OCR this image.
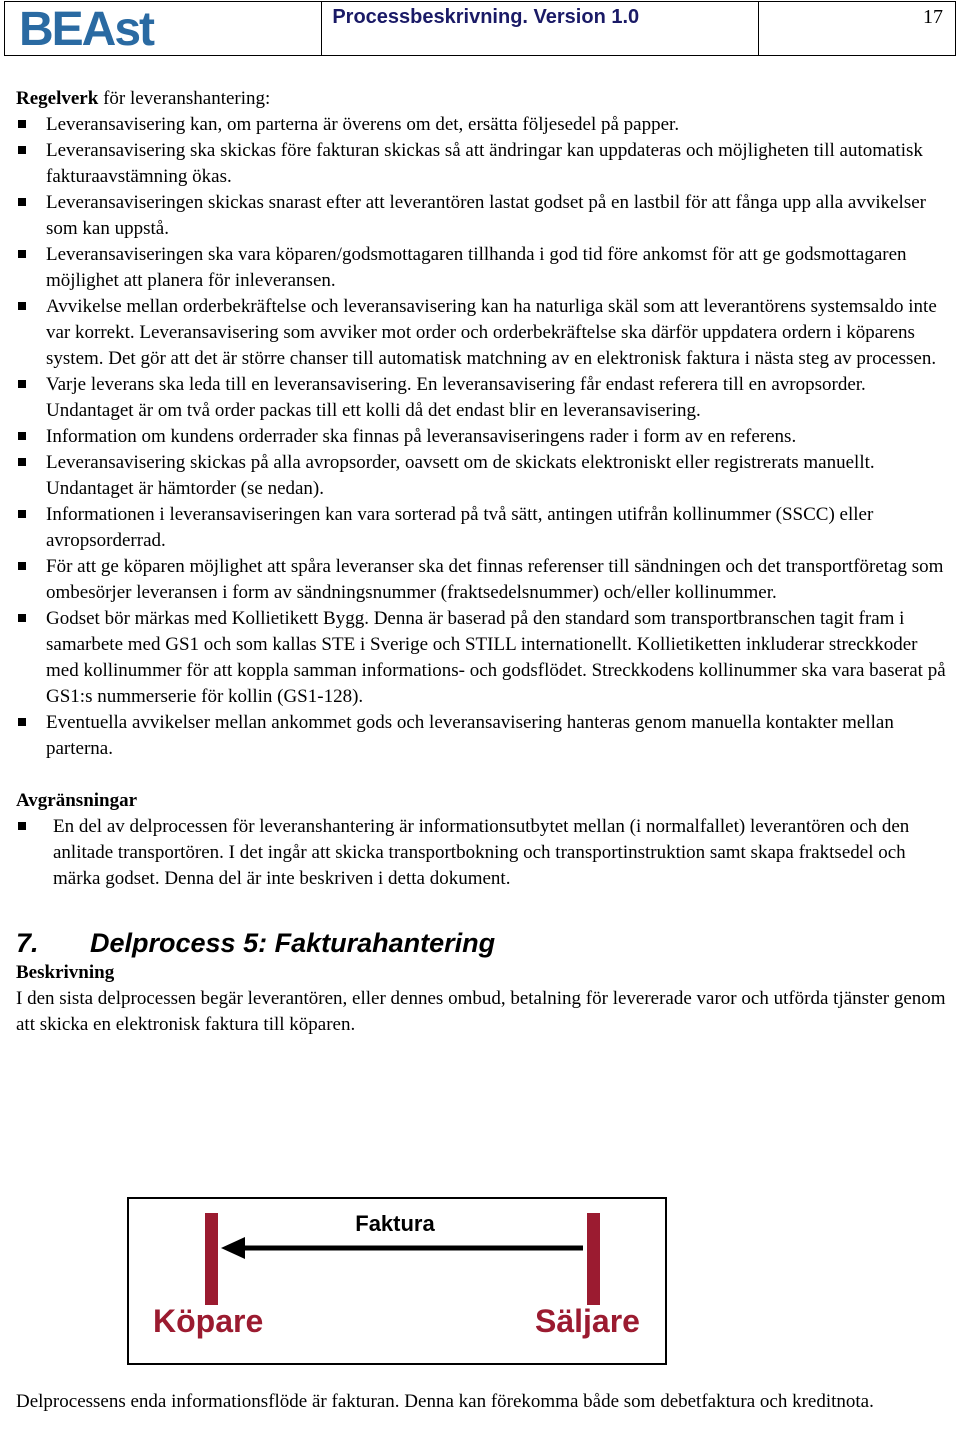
BEAst	Processbeskrivning. Version 1.0	17

Regelverk för leveranshantering:

Leveransavisering kan, om parterna är överens om det, ersätta följesedel på papper.
Leveransavisering ska skickas före fakturan skickas så att ändringar kan uppdateras och möjligheten till automatisk fakturaavstämning ökas.
Leveransaviseringen skickas snarast efter att leverantören lastat godset på en lastbil för att fånga upp alla avvikelser som kan uppstå.
Leveransaviseringen ska vara köparen/godsmottagaren tillhanda i god tid före ankomst för att ge godsmottagaren möjlighet att planera för inleveransen.
Avvikelse mellan orderbekräftelse och leveransavisering kan ha naturliga skäl som att leverantörens systemsaldo inte var korrekt. Leveransavisering som avviker mot order och orderbekräftelse ska därför uppdatera ordern i köparens system. Det gör att det är större chanser till automatisk matchning av en elektronisk faktura i nästa steg av processen.
Varje leverans ska leda till en leveransavisering. En leveransavisering får endast referera till en avropsorder. Undantaget är om två order packas till ett kolli då det endast blir en leveransavisering.
Information om kundens orderrader ska finnas på leveransaviseringens rader i form av en referens.
Leveransavisering skickas på alla avropsorder, oavsett om de skickats elektroniskt eller registrerats manuellt. Undantaget är hämtorder (se nedan).
Informationen i leveransaviseringen kan vara sorterad på två sätt, antingen utifrån kollinummer (SSCC) eller avropsorderrad.
För att ge köparen möjlighet att spåra leveranser ska det finnas referenser till sändningen och det transportföretag som ombesörjer leveransen i form av sändningsnummer (fraktsedelsnummer) och/eller kollinummer.
Godset bör märkas med Kollietikett Bygg. Denna är baserad på den standard som transportbranschen tagit fram i samarbete med GS1 och som kallas STE i Sverige och STILL internationellt. Kollietiketten inkluderar streckkoder med kollinummer för att koppla samman informations- och godsflödet. Streckkodens kollinummer ska vara baserat på GS1:s nummerserie för kollin (GS1-128).
Eventuella avvikelser mellan ankommet gods och leveransavisering hanteras genom manuella kontakter mellan parterna.

Avgränsningar

En del av delprocessen för leveranshantering är informationsutbytet mellan (i normalfallet) leverantören och den anlitade transportören. I det ingår att skicka transportbokning och transportinstruktion samt skapa fraktsedel och märka godset. Denna del är inte beskriven i detta dokument.

7. Delprocess 5: Fakturahantering

Beskrivning

I den sista delprocessen begär leverantören, eller dennes ombud, betalning för levererade varor och utförda tjänster genom att skicka en elektronisk faktura till köparen.

Faktura
Köpare	Säljare

Delprocessens enda informationsflöde är fakturan. Denna kan förekomma både som debetfaktura och kreditnota.
